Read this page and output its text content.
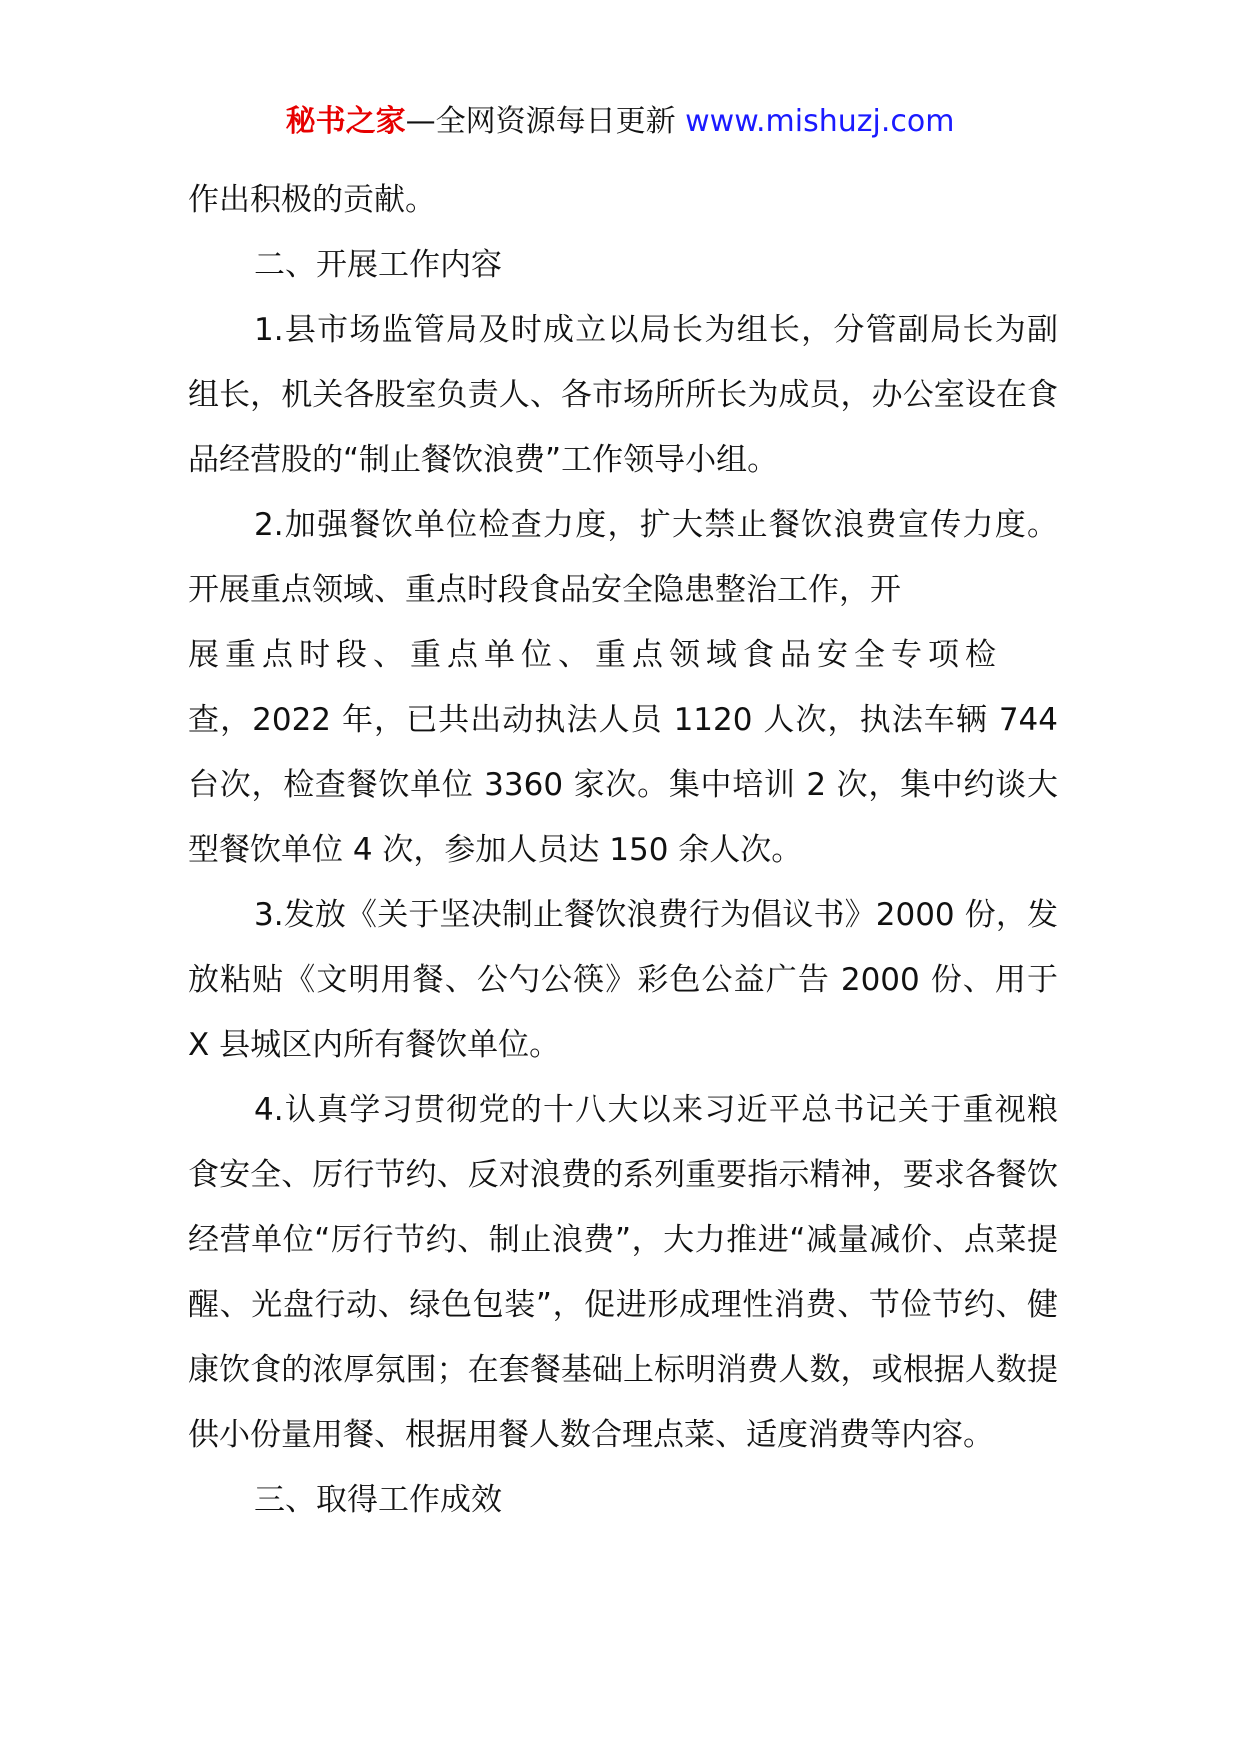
秘书之家—全网资源每日更新 www.mishuzj.com

作出积极的贡献。

二、开展工作内容

1.县市场监管局及时成立以局长为组长，分管副局长为副组长，机关各股室负责人、各市场所所长为成员，办公室设在食品经营股的“制止餐饮浪费”工作领导小组。

2.加强餐饮单位检查力度，扩大禁止餐饮浪费宣传力度。开展重点领域、重点时段食品安全隐患整治工作，开

展重点时段、重点单位、重点领域食品安全专项检

查，2022 年，已共出动执法人员 1120 人次，执法车辆 744 台次，检查餐饮单位 3360 家次。集中培训 2 次，集中约谈大型餐饮单位 4 次，参加人员达 150 余人次。

3.发放《关于坚决制止餐饮浪费行为倡议书》2000 份，发放粘贴《文明用餐、公勺公筷》彩色公益广告 2000 份、用于 X 县城区内所有餐饮单位。

4.认真学习贯彻党的十八大以来习近平总书记关于重视粮食安全、厉行节约、反对浪费的系列重要指示精神，要求各餐饮经营单位“厉行节约、制止浪费”，大力推进“减量减价、点菜提醒、光盘行动、绿色包装”，促进形成理性消费、节俭节约、健康饮食的浓厚氛围；在套餐基础上标明消费人数，或根据人数提供小份量用餐、根据用餐人数合理点菜、适度消费等内容。

三、取得工作成效
